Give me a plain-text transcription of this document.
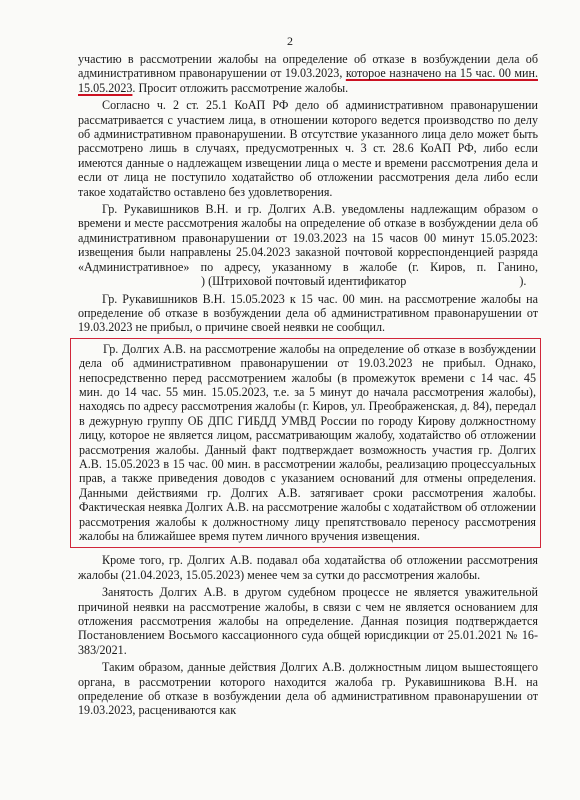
2

участию в рассмотрении жалобы на определение об отказе в возбуждении дела об административном правонарушении от 19.03.2023, которое назначено на 15 час. 00 мин. 15.05.2023. Просит отложить рассмотрение жалобы.

Согласно ч. 2 ст. 25.1 КоАП РФ дело об административном правонарушении рассматривается с участием лица, в отношении которого ведется производство по делу об административном правонарушении. В отсутствие указанного лица дело может быть рассмотрено лишь в случаях, предусмотренных ч. 3 ст. 28.6 КоАП РФ, либо если имеются данные о надлежащем извещении лица о месте и времени рассмотрения дела и если от лица не поступило ходатайство об отложении рассмотрения дела либо если такое ходатайство оставлено без удовлетворения.

Гр. Рукавишников В.Н. и гр. Долгих А.В. уведомлены надлежащим образом о времени и месте рассмотрения жалобы на определение об отказе в возбуждении дела об административном правонарушении от 19.03.2023 на 15 часов 00 минут 15.05.2023: извещения были направлены 25.04.2023 заказной почтовой корреспонденцией разряда «Административное» по адресу, указанному в жалобе (г. Киров, п. Ганино,  ) (Штриховой почтовый идентификатор	).

Гр. Рукавишников В.Н. 15.05.2023 к 15 час. 00 мин. на рассмотрение жалобы на определение об отказе в возбуждении дела об административном правонарушении от 19.03.2023 не прибыл, о причине своей неявки не сообщил.

Гр. Долгих А.В. на рассмотрение жалобы на определение об отказе в возбуждении дела об административном правонарушении от 19.03.2023 не прибыл. Однако, непосредственно перед рассмотрением жалобы (в промежуток времени с 14 час. 45 мин. до 14 час. 55 мин. 15.05.2023, т.е. за 5 минут до начала рассмотрения жалобы), находясь по адресу рассмотрения жалобы (г. Киров, ул. Преображенская, д. 84), передал в дежурную группу ОБ ДПС ГИБДД УМВД России по городу Кирову должностному лицу, которое не является лицом, рассматривающим жалобу, ходатайство об отложении рассмотрения жалобы. Данный факт подтверждает возможность участия гр. Долгих А.В. 15.05.2023 в 15 час. 00 мин. в рассмотрении жалобы, реализацию процессуальных прав, а также приведения доводов с указанием оснований для отмены определения. Данными действиями гр. Долгих А.В. затягивает сроки рассмотрения жалобы. Фактическая неявка Долгих А.В. на рассмотрение жалобы с ходатайством об отложении рассмотрения жалобы к должностному лицу препятствовало переносу рассмотрения жалобы на ближайшее время путем личного вручения извещения.

Кроме того, гр. Долгих А.В. подавал оба ходатайства об отложении рассмотрения жалобы (21.04.2023, 15.05.2023) менее чем за сутки до рассмотрения жалобы.

Занятость Долгих А.В. в другом судебном процессе не является уважительной причиной неявки на рассмотрение жалобы, в связи с чем не является основанием для отложения рассмотрения жалобы на определение. Данная позиция подтверждается Постановлением Восьмого кассационного суда общей юрисдикции от 25.01.2021 № 16-383/2021.

Таким образом, данные действия Долгих А.В. должностным лицом вышестоящего органа, в рассмотрении которого находится жалоба гр. Рукавишникова В.Н. на определение об отказе в возбуждении дела об административном правонарушении от 19.03.2023, расцениваются как
